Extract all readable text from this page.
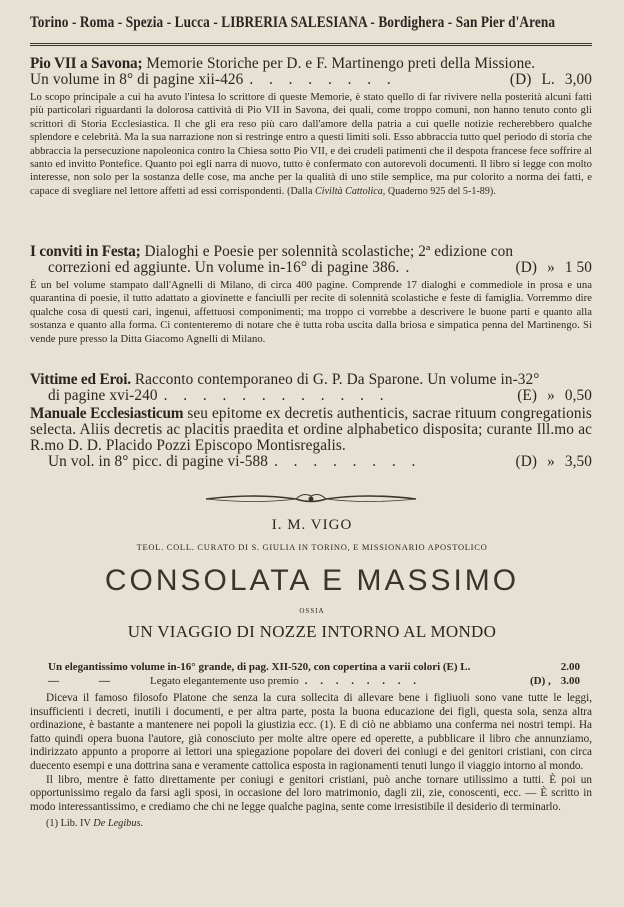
Torino - Roma - Spezia - Lucca - LIBRERIA SALESIANA - Bordighera - San Pier d'Arena
Pio VII a Savona; Memorie Storiche per D. e F. Martinengo preti della Missione.
Un volume in 8° di pagine xii-426 . . . . . . . .	(D) L. 3,00
Lo scopo principale a cui ha avuto l'intesa lo scrittore di queste Memorie, è stato quello di far rivivere nella posterità alcuni fatti più particolari riguardanti la dolorosa cattività di Pio VII in Savona, dei quali, come troppo comuni, non hanno tenuto conto gli scrittori di Storia Ecclesiastica. Il che gli era reso più caro dall'amore della patria a cui quelle notizie recherebbero qualche splendore e celebrità. Ma la sua narrazione non si restringe entro a questi limiti soli. Esso abbraccia tutto quel periodo di storia che abbraccia la persecuzione napoleonica contro la Chiesa sotto Pio VII, e dei crudeli patimenti che il despota francese fece soffrire al santo ed invitto Pontefice. Quanto poi egli narra di nuovo, tutto è confermato con autorevoli documenti. Il libro si legge con molto interesse, non solo per la sostanza delle cose, ma anche per la qualità di uno stile semplice, ma pur colorito a norma dei fatti, e capace di svegliare nel lettore affetti ad essi corrispondenti. (Dalla Civiltà Cattolica, Quaderno 925 del 5-1-89).
I conviti in Festa; Dialoghi e Poesie per solennità scolastiche; 2ª edizione con
correzioni ed aggiunte. Un volume in-16° di pagine 386. .	(D) » 1 50
È un bel volume stampato dall'Agnelli di Milano, di circa 400 pagine. Comprende 17 dialoghi e commediole in prosa e una quarantina di poesie, il tutto adattato a giovinette e fanciulli per recite di solennità scolastiche e feste di famiglia. Vorremmo dire qualche cosa di questi cari, ingenui, affettuosi componimenti; ma troppo ci vorrebbe a descrivere le buone parti e quanto alla sostanza e quanto alla forma. Ci contenteremo di notare che è tutta roba uscita dalla briosa e simpatica penna del Martinengo. Si vende pure presso la Ditta Giacomo Agnelli di Milano.
Vittime ed Eroi. Racconto contemporaneo di G. P. Da Sparone. Un volume in-32°
di pagine xvi-240 . . . . . . . . . . . .	(E) » 0,50
Manuale Ecclesiasticum seu epitome ex decretis authenticis, sacrae rituum congregationis selecta. Aliis decretis ac placitis praedita et ordine alphabetico disposita; curante Ill.mo ac R.mo D. D. Placido Pozzi Episcopo Montisregalis.
Un vol. in 8° picc. di pagine vi-588 . . . . . . . .	(D) » 3,50
I. M. VIGO
TEOL. COLL. CURATO DI S. GIULIA IN TORINO, E MISSIONARIO APOSTOLICO
CONSOLATA E MASSIMO
OSSIA
UN VIAGGIO DI NOZZE INTORNO AL MONDO
Un elegantissimo volume in-16° grande, di pag. XII-520, con copertina a varii colori (E) L.	2.00
—	—	Legato elegantemente uso premio . . . . . . . .	(D) , 3.00

Diceva il famoso filosofo Platone che senza la cura sollecita di allevare bene i figliuoli sono vane tutte le leggi, insufficienti i decreti, inutili i documenti, e per altra parte, posta la buona educazione dei figli, questa sola, senza altra ordinazione, è bastante a mantenere nei popoli la giustizia ecc. (1). E di ciò ne abbiamo una conferma nei nostri tempi. Ha fatto quindi opera buona l'autore, già conosciuto per molte altre opere ed operette, a pubblicare il libro che annunziamo, indirizzato appunto a proporre ai lettori una spiegazione popolare dei doveri dei coniugi e dei genitori cristiani, con circa duecento esempi e una dottrina sana e veramente cattolica esposta in ragionamenti tenuti lungo il viaggio intorno al mondo.

Il libro, mentre è fatto direttamente per coniugi e genitori cristiani, può anche tornare utilissimo a tutti. È poi un opportunissimo regalo da farsi agli sposi, in occasione del loro matrimonio, dagli zii, zie, conoscenti, ecc. — È scritto in modo interessantissimo, e crediamo che chi ne legge qualche pagina, sente come irresistibile il desiderio di terminarlo.

(1) Lib. IV De Legibus.
